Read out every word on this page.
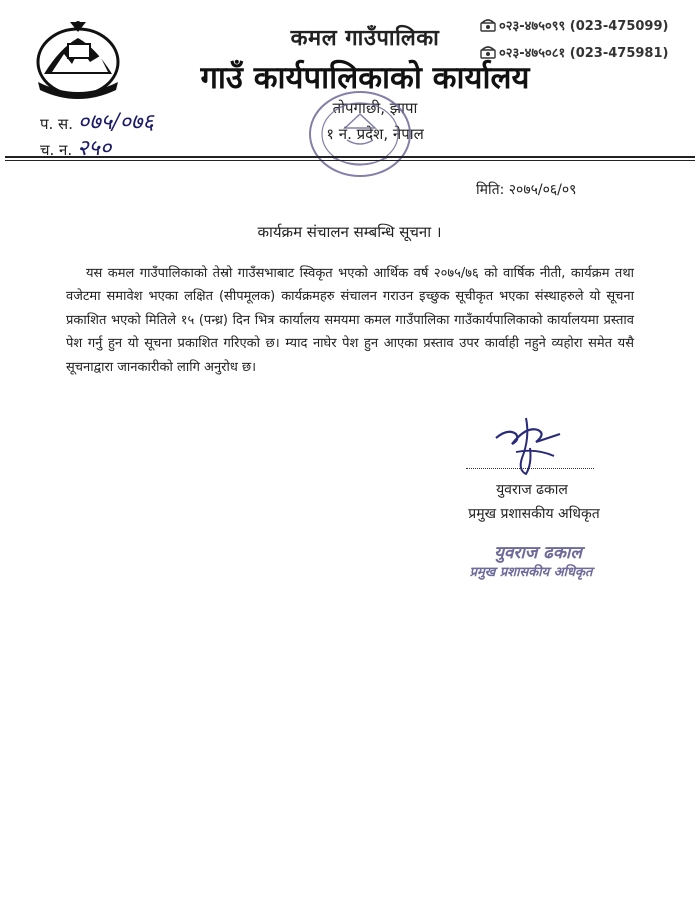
०२३-४७५०९९ (023-475099)
०२३-४७५०८१ (023-475981)
कमल गाउँपालिका
गाउँ कार्यपालिकाको कार्यालय
तोपगाछी, झापा
१ नं. प्रदेश, नेपाल
प. स. ०७५/०७६
च. न. २५०
मिति: २०७५/०६/०९
कार्यक्रम संचालन सम्बन्धि सूचना ।
यस कमल गाउँपालिकाको तेस्रो गाउँसभाबाट स्विकृत भएको आर्थिक वर्ष २०७५/७६ को वार्षिक नीती, कार्यक्रम तथा वजेटमा समावेश भएका लक्षित (सीपमूलक) कार्यक्रमहरु संचालन गराउन इच्छुक सूचीकृत भएका संस्थाहरुले यो सूचना प्रकाशित भएको मितिले १५ (पन्ध्र) दिन भित्र कार्यालय समयमा कमल गाउँपालिका गाउँकार्यपालिकाको कार्यालयमा प्रस्ताव पेश गर्नु हुन यो सूचना प्रकाशित गरिएको छ। म्याद नाघेर पेश हुन आएका प्रस्ताव उपर कार्वाही नहुने व्यहोरा समेत यसै सूचनाद्वारा जानकारीको लागि अनुरोध छ।
युवराज ढकाल
प्रमुख प्रशासकीय अधिकृत
युवराज ढकाल
प्रमुख प्रशासकीय अधिकृत
